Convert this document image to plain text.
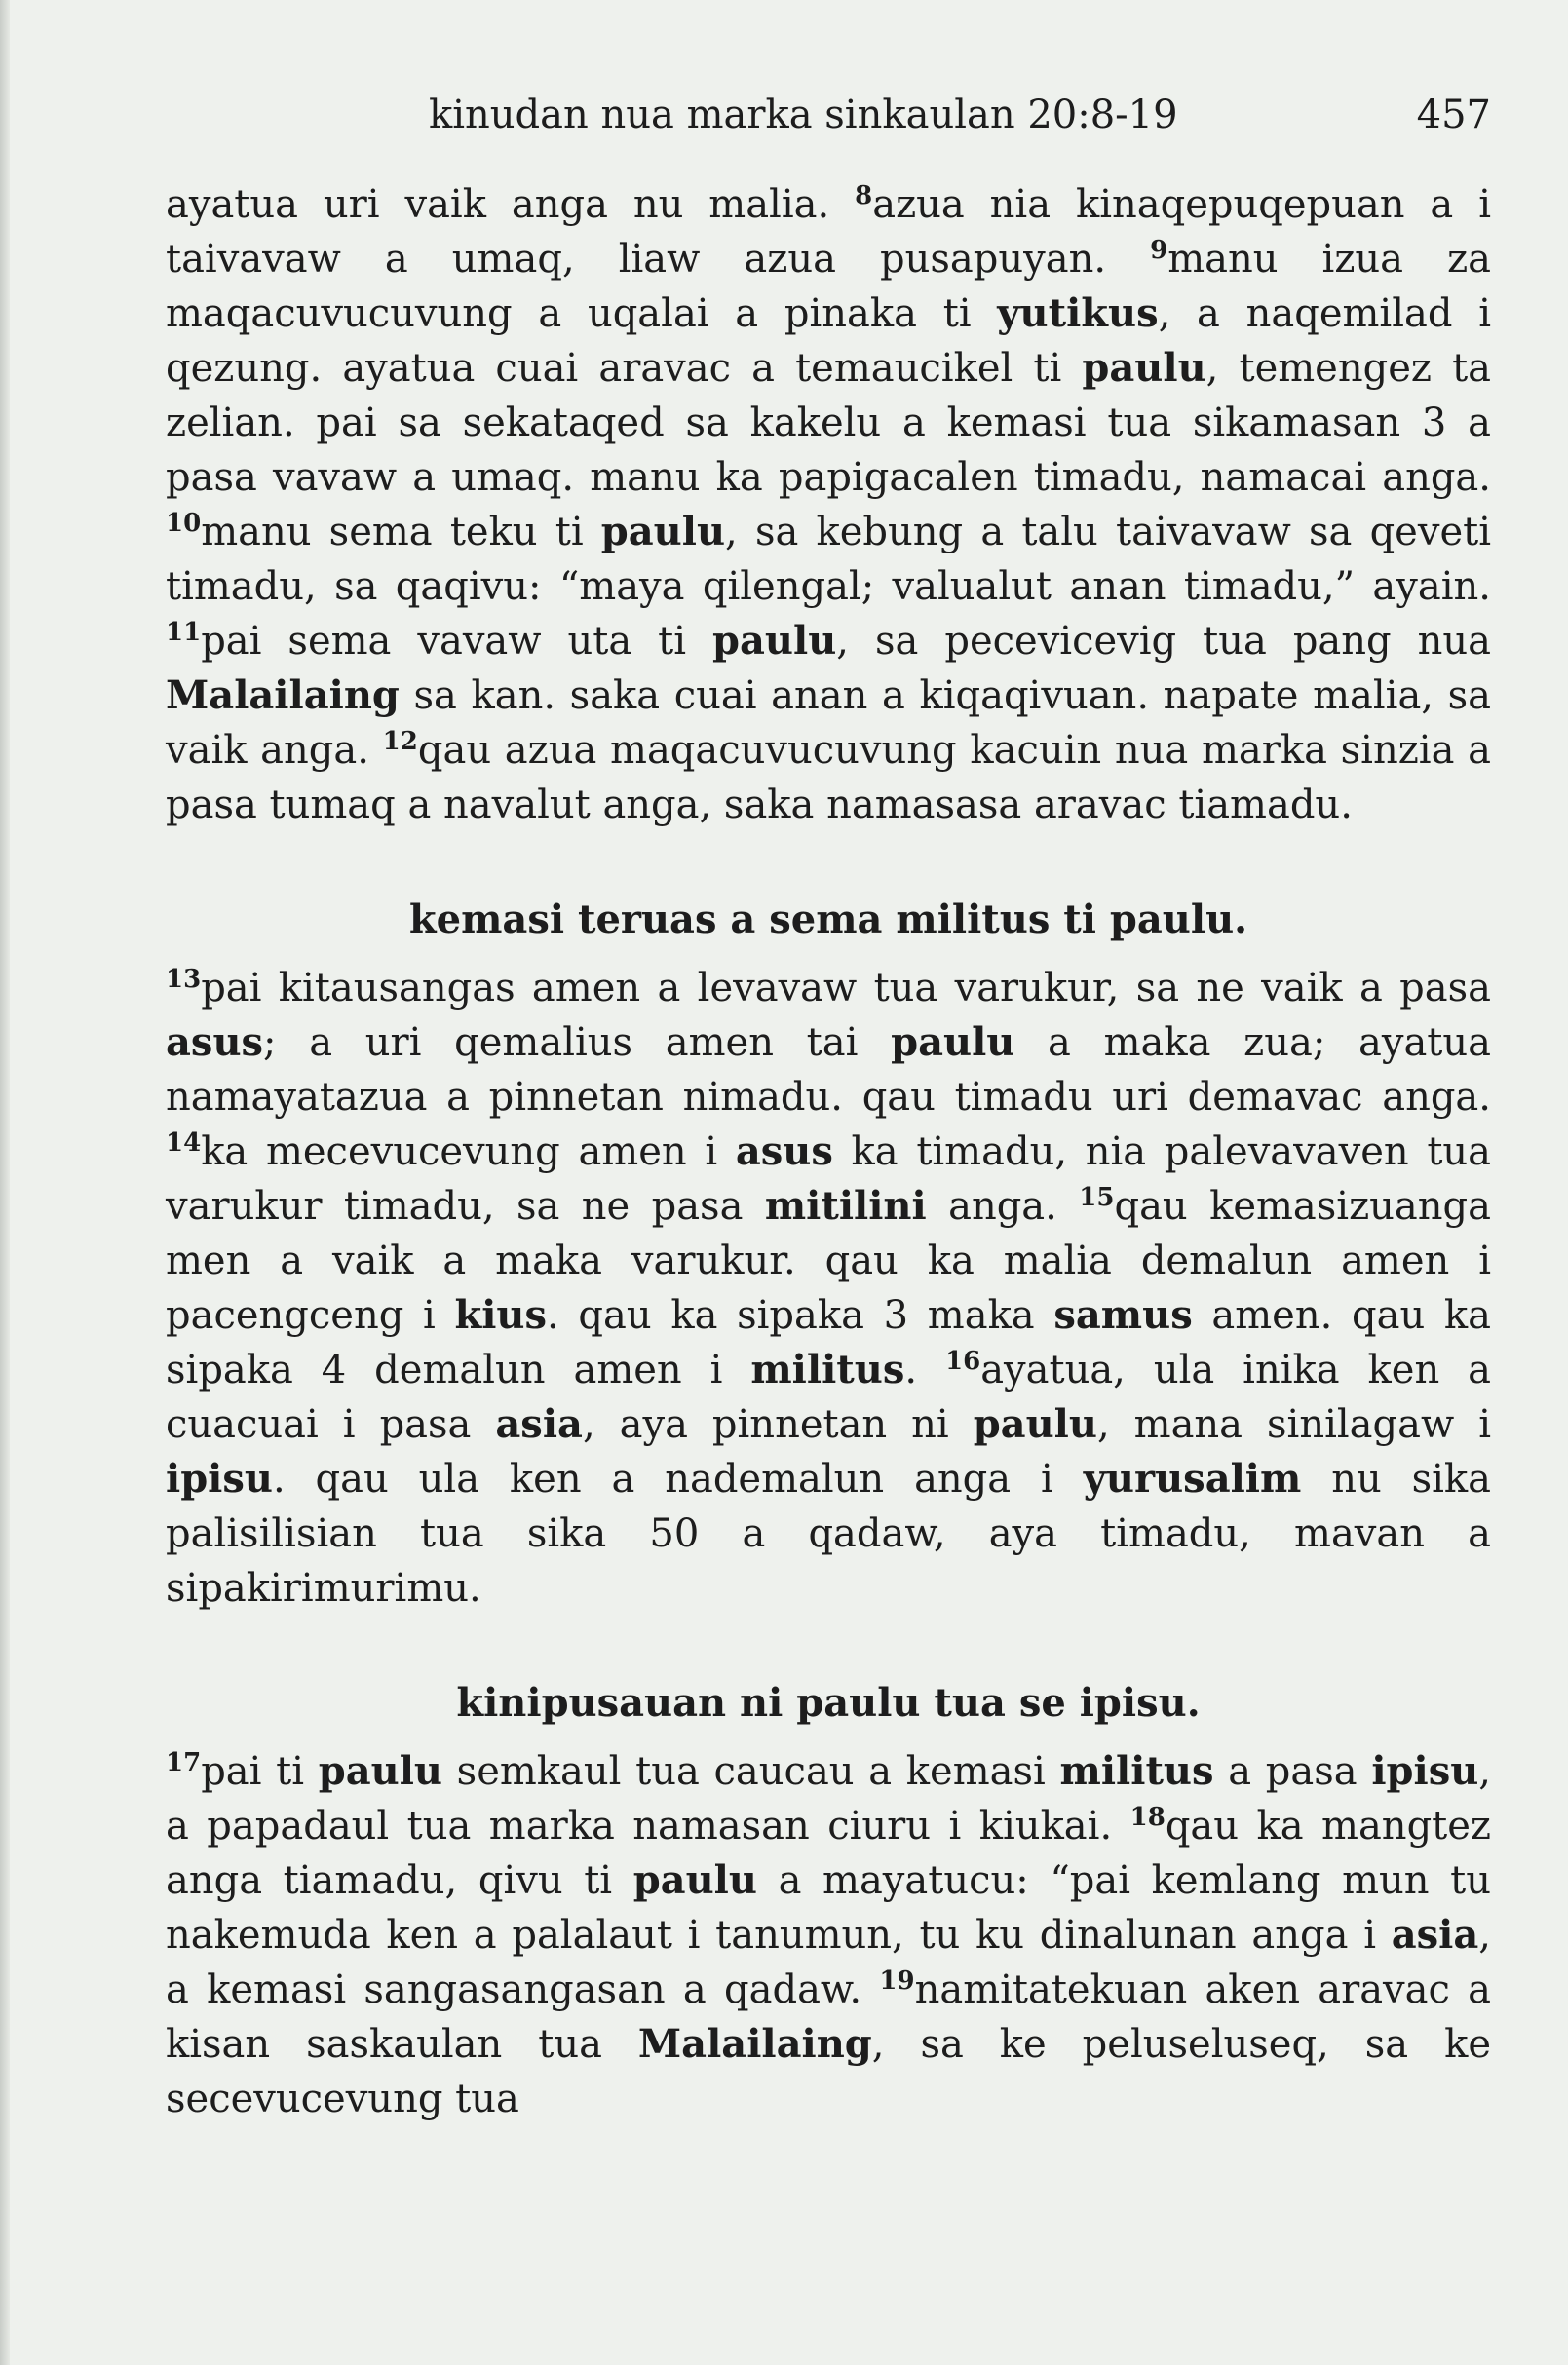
kinudan nua marka sinkaulan 20:8-19	457

ayatua uri vaik anga nu malia. $^8$azua nia kinaqepuqepuan a i taivavaw a umaq, liaw azua pusapuyan. $^9$manu izua za maqacuvucuvung a uqalai a pinaka ti yutikus, a naqemilad i qezung. ayatua cuai aravac a temaucikel ti paulu, temengez ta zelian. pai sa sekataqed sa kakelu a kemasi tua sikamasan 3 a pasa vavaw a umaq. manu ka papigacalen timadu, namacai anga. $^{10}$manu sema teku ti paulu, sa kebung a talu taivavaw sa qeveti timadu, sa qaqivu: “maya qilengal; valualut anan timadu,” ayain. $^{11}$pai sema vavaw uta ti paulu, sa pecevicevig tua pang nua Malailaing sa kan. saka cuai anan a kiqaqivuan. napate malia, sa vaik anga. $^{12}$qau azua maqacuvucuvung kacuin nua marka sinzia a pasa tumaq a navalut anga, saka namasasa aravac tiamadu.

kemasi teruas a sema militus ti paulu.

$^{13}$pai kitausangas amen a levavaw tua varukur, sa ne vaik a pasa asus; a uri qemalius amen tai paulu a maka zua; ayatua namayatazua a pinnetan nimadu. qau timadu uri demavac anga. $^{14}$ka mecevucevung amen i asus ka timadu, nia palevavaven tua varukur timadu, sa ne pasa mitilini anga. $^{15}$qau kemasizuanga men a vaik a maka varukur. qau ka malia demalun amen i pacengceng i kius. qau ka sipaka 3 maka samus amen. qau ka sipaka 4 demalun amen i militus. $^{16}$ayatua, ula inika ken a cuacuai i pasa asia, aya pinnetan ni paulu, mana sinilagaw i ipisu. qau ula ken a nademalun anga i yurusalim nu sika palisilisian tua sika 50 a qadaw, aya timadu, mavan a sipakirimurimu.

kinipusauan ni paulu tua se ipisu.

$^{17}$pai ti paulu semkaul tua caucau a kemasi militus a pasa ipisu, a papadaul tua marka namasan ciuru i kiukai. $^{18}$qau ka mangtez anga tiamadu, qivu ti paulu a mayatucu: “pai kemlang mun tu nakemuda ken a palalaut i tanumun, tu ku dinalunan anga i asia, a kemasi sangasangasan a qadaw. $^{19}$namitatekuan aken aravac a kisan saskaulan tua Malailaing, sa ke peluseluseq, sa ke secevucevung tua
